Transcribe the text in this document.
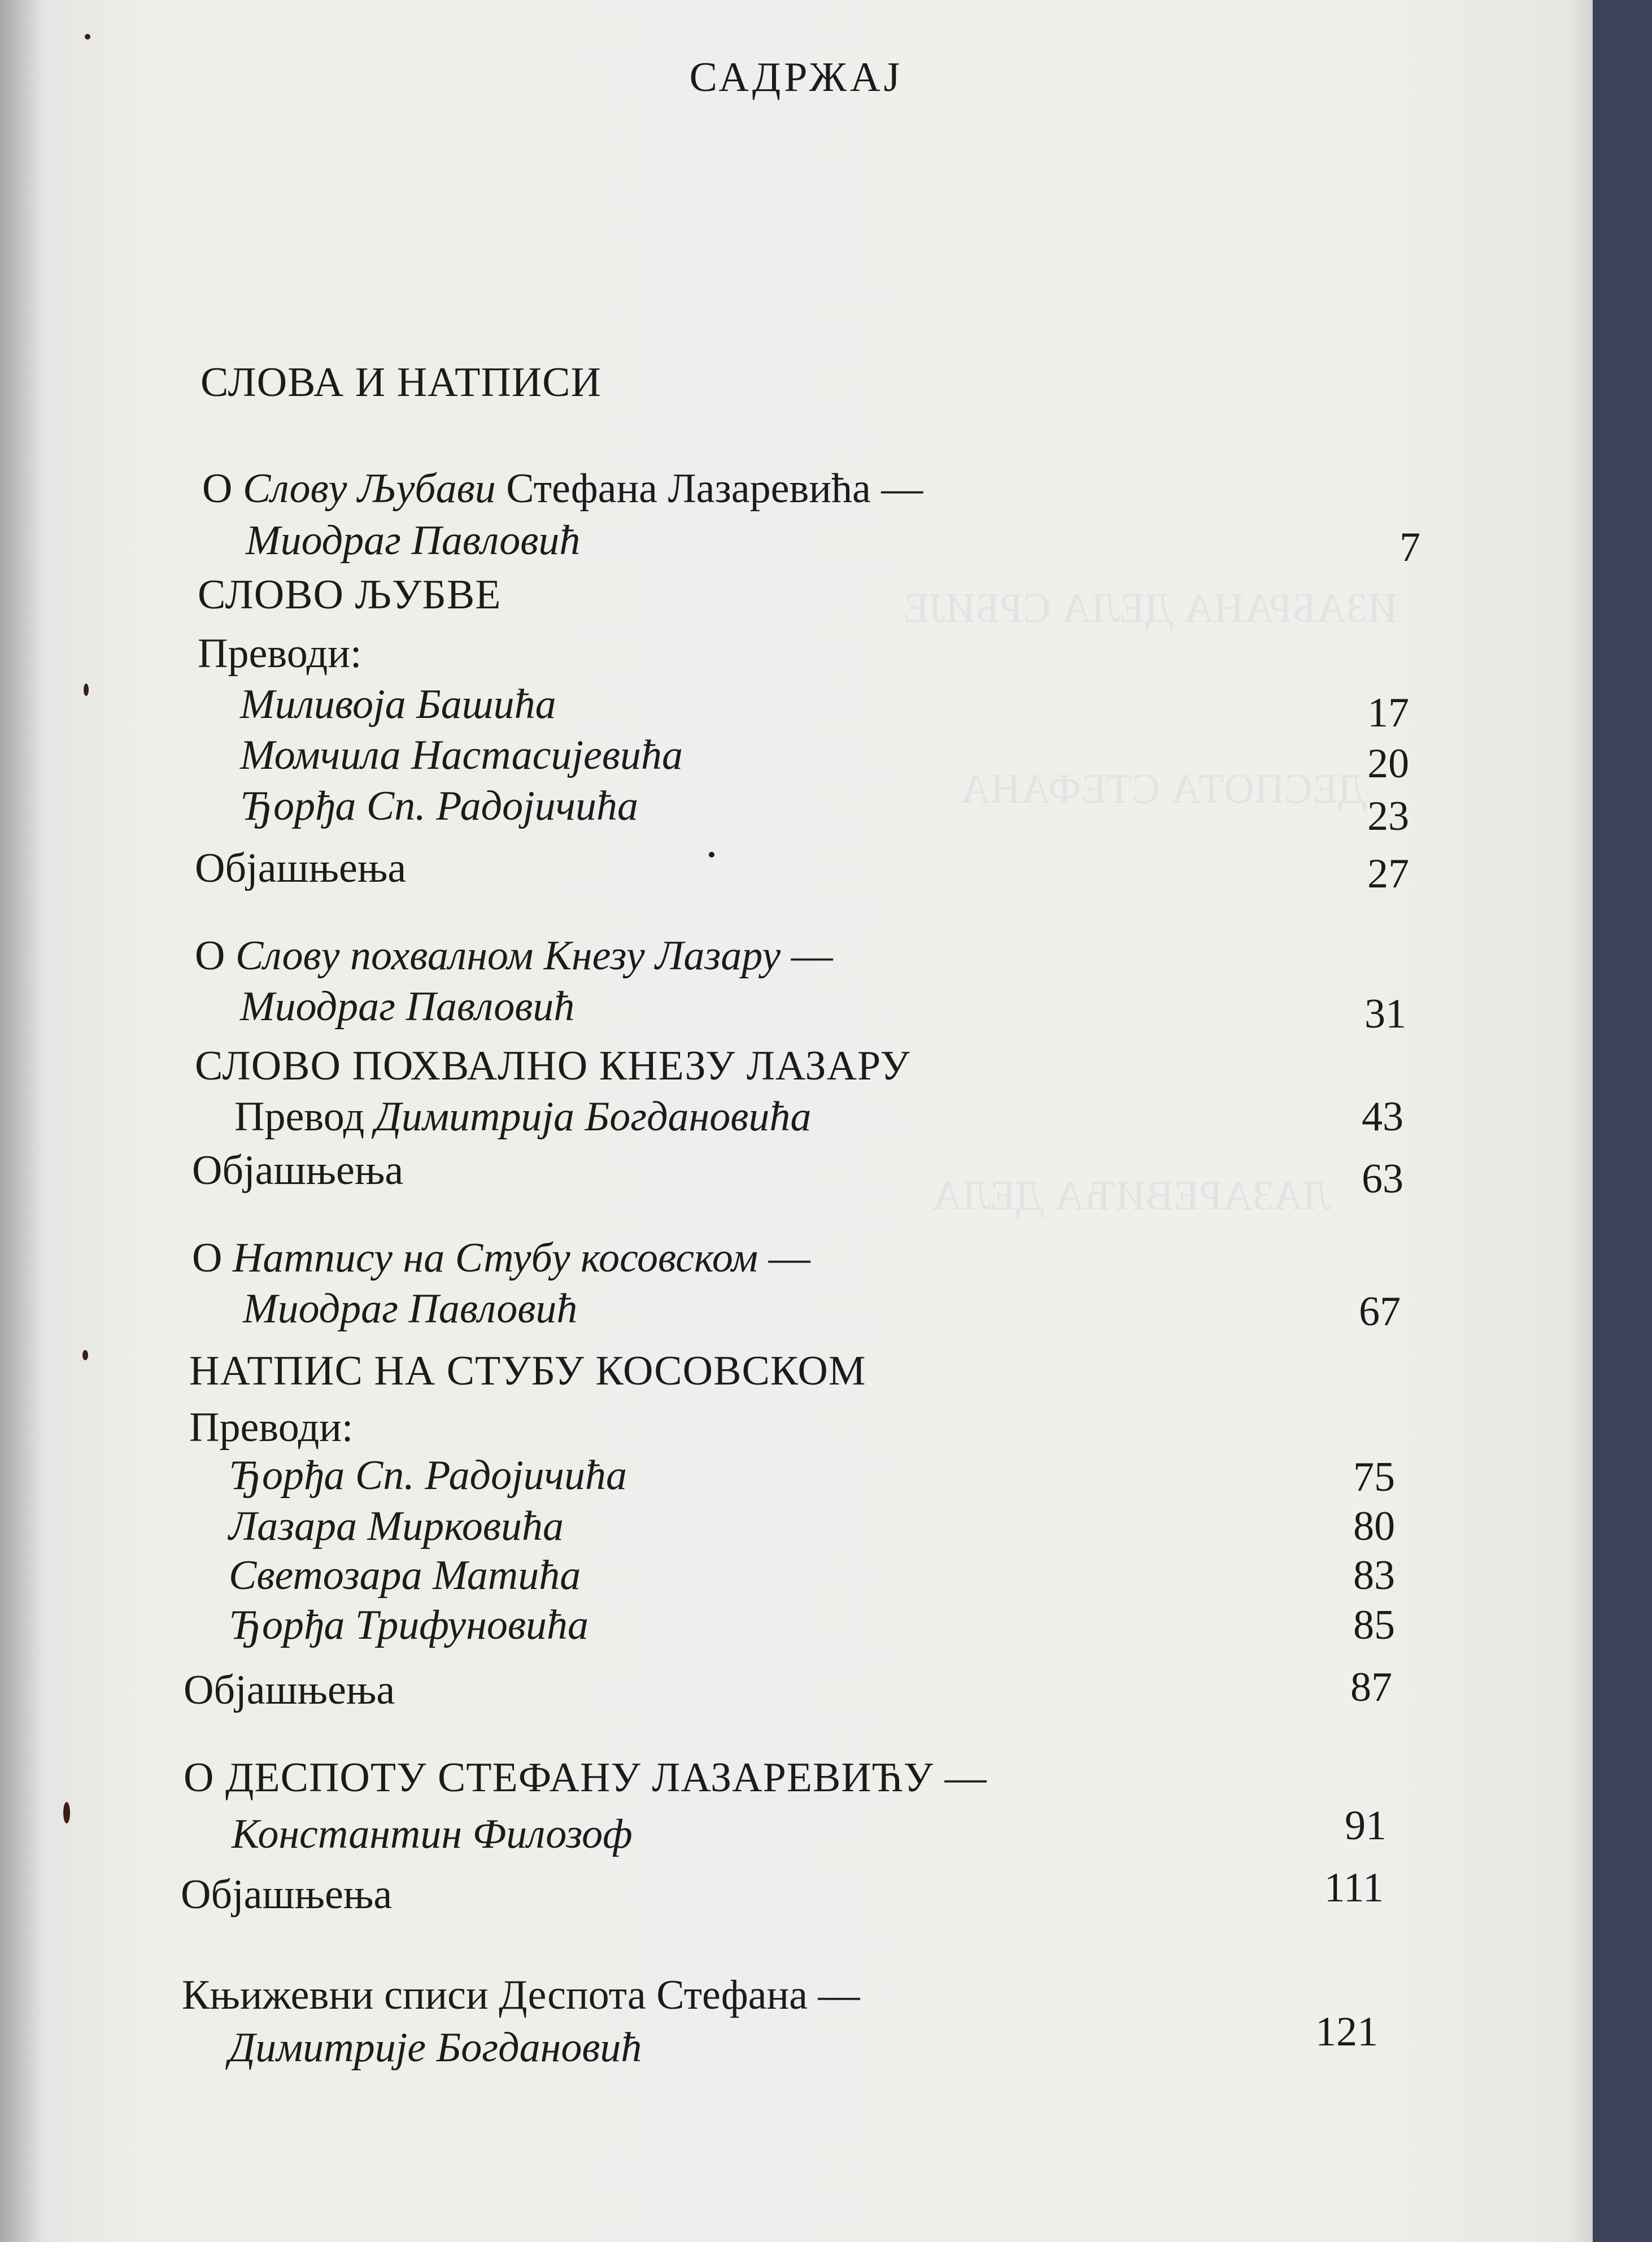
ИЗАБРАНА ДЕЛА СРБИЈЕ
ДЕСПОТА СТЕФАНА
ЛАЗАРЕВИЋА ДЕЛА
САДРЖАЈ
СЛОВА И НАТПИСИ
О Слову Љубави Стефана Лазаревића —
Миодраг Павловић	7
СЛОВО ЉУБВЕ
Преводи:
Миливоја Башића	17
Момчила Настасијевића	20
Ђорђа Сп. Радојичића	23
Објашњења	27
О Слову похвалном Кнезу Лазару —
Миодраг Павловић	31
СЛОВО ПОХВАЛНО КНЕЗУ ЛАЗАРУ
Превод Димитрија Богдановића	43
Објашњења	63
О Натпису на Стубу косовском —
Миодраг Павловић	67
НАТПИС НА СТУБУ КОСОВСКОМ
Преводи:
Ђорђа Сп. Радојичића	75
Лазара Мирковића	80
Светозара Матића	83
Ђорђа Трифуновића	85
Објашњења	87
О ДЕСПОТУ СТЕФАНУ ЛАЗАРЕВИЋУ —
Константин Филозоф	91
Објашњења	111
Књижевни списи Деспота Стефана —
Димитрије Богдановић	121
